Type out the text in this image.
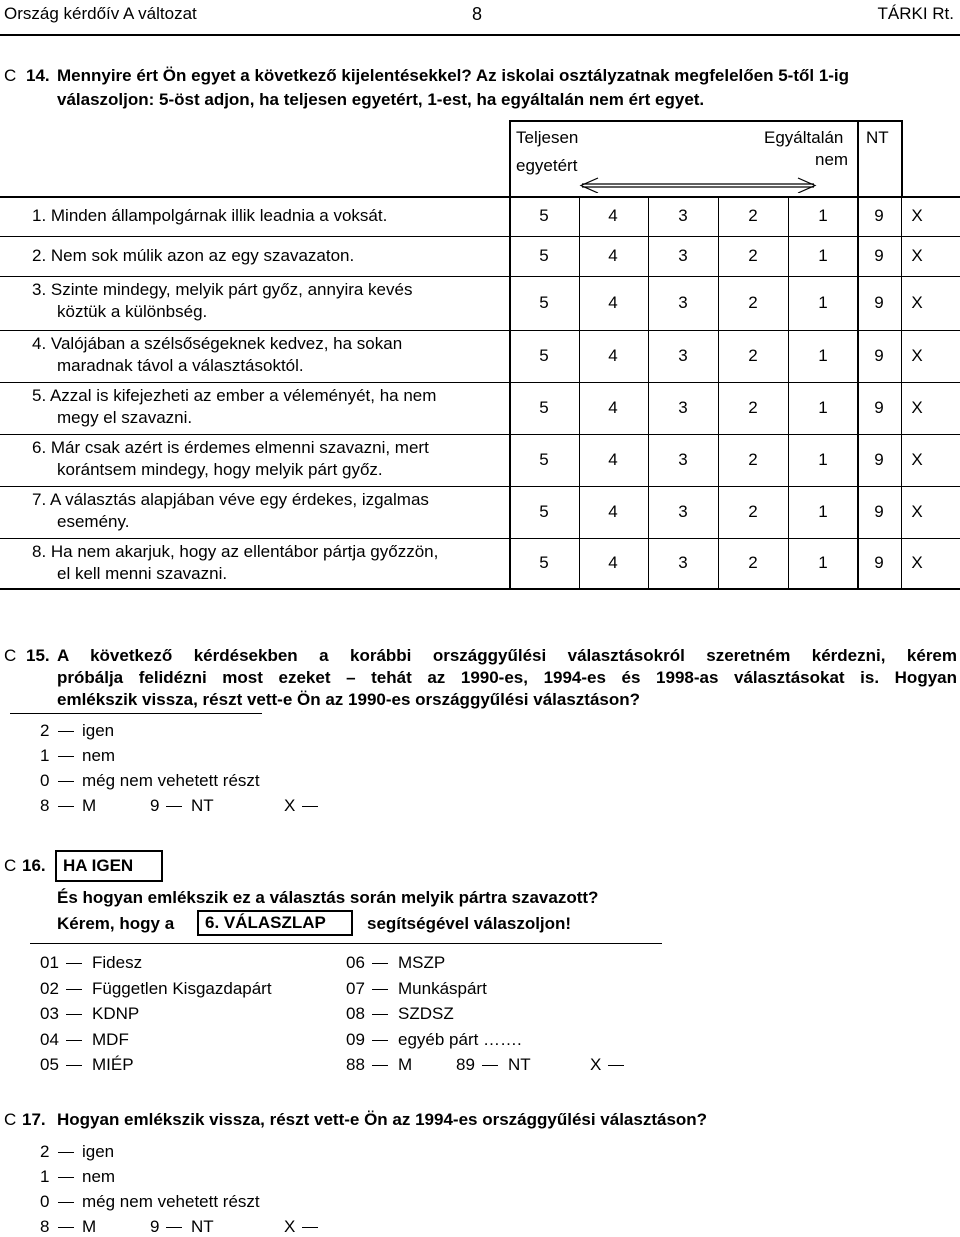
Ország kérdőív A változat	8	TÁRKI Rt.
C 14. Mennyire ért Ön egyet a következő kijelentésekkel? Az iskolai osztályzatnak megfelelően 5-től 1-ig
válaszoljon: 5-öst adjon, ha teljesen egyetért, 1-est, ha egyáltalán nem ért egyet.
Teljesen
egyetért
Egyáltalán
nem
NT
1. Minden állampolgárnak illik leadnia a voksát.	5	4	3	2	1	9	X
2. Nem sok múlik azon az egy szavazaton.	5	4	3	2	1	9	X
3. Szinte mindegy, melyik párt győz, annyira kevés
köztük a különbség.	5	4	3	2	1	9	X
4. Valójában a szélsőségeknek kedvez, ha sokan
maradnak távol a választásoktól.
5	4	3	2	1	9	X
5. Azzal is kifejezheti az ember a véleményét, ha nem
megy el szavazni.
5	4	3	2	1	9	X
6. Már csak azért is érdemes elmenni szavazni, mert
korántsem mindegy, hogy melyik párt győz.
5	4	3	2	1	9	X
7. A választás alapjában véve egy érdekes, izgalmas
esemény.
5	4	3	2	1	9	X
8. Ha nem akarjuk, hogy az ellentábor pártja győzzön,
el kell menni szavazni.
5	4	3	2	1	9	X
C 15. A következő kérdésekben a korábbi országgyűlési választásokról szeretném kérdezni, kérem
próbálja felidézni most ezeket – tehát az 1990-es, 1994-es és 1998-as választásokat is. Hogyan
emlékszik vissza, részt vett-e Ön az 1990-es országgyűlési választáson?
2 igen
1 nem
0 még nem vehetett részt
8 M	9 NT	X
C 16.	HA IGEN
És hogyan emlékszik ez a választás során melyik pártra szavazott?
Kérem, hogy a	6. VÁLASZLAP	segítségével válaszoljon!
01 Fidesz
02 Független Kisgazdapárt
03 KDNP
04 MDF
05 MIÉP
06 MSZP
07 Munkáspárt
08 SZDSZ
09 egyéb párt …….
88 M	89 NT	X
C 17. Hogyan emlékszik vissza, részt vett-e Ön az 1994-es országgyűlési választáson?
2 igen
1 nem
0 még nem vehetett részt
8 M	9 NT	X
